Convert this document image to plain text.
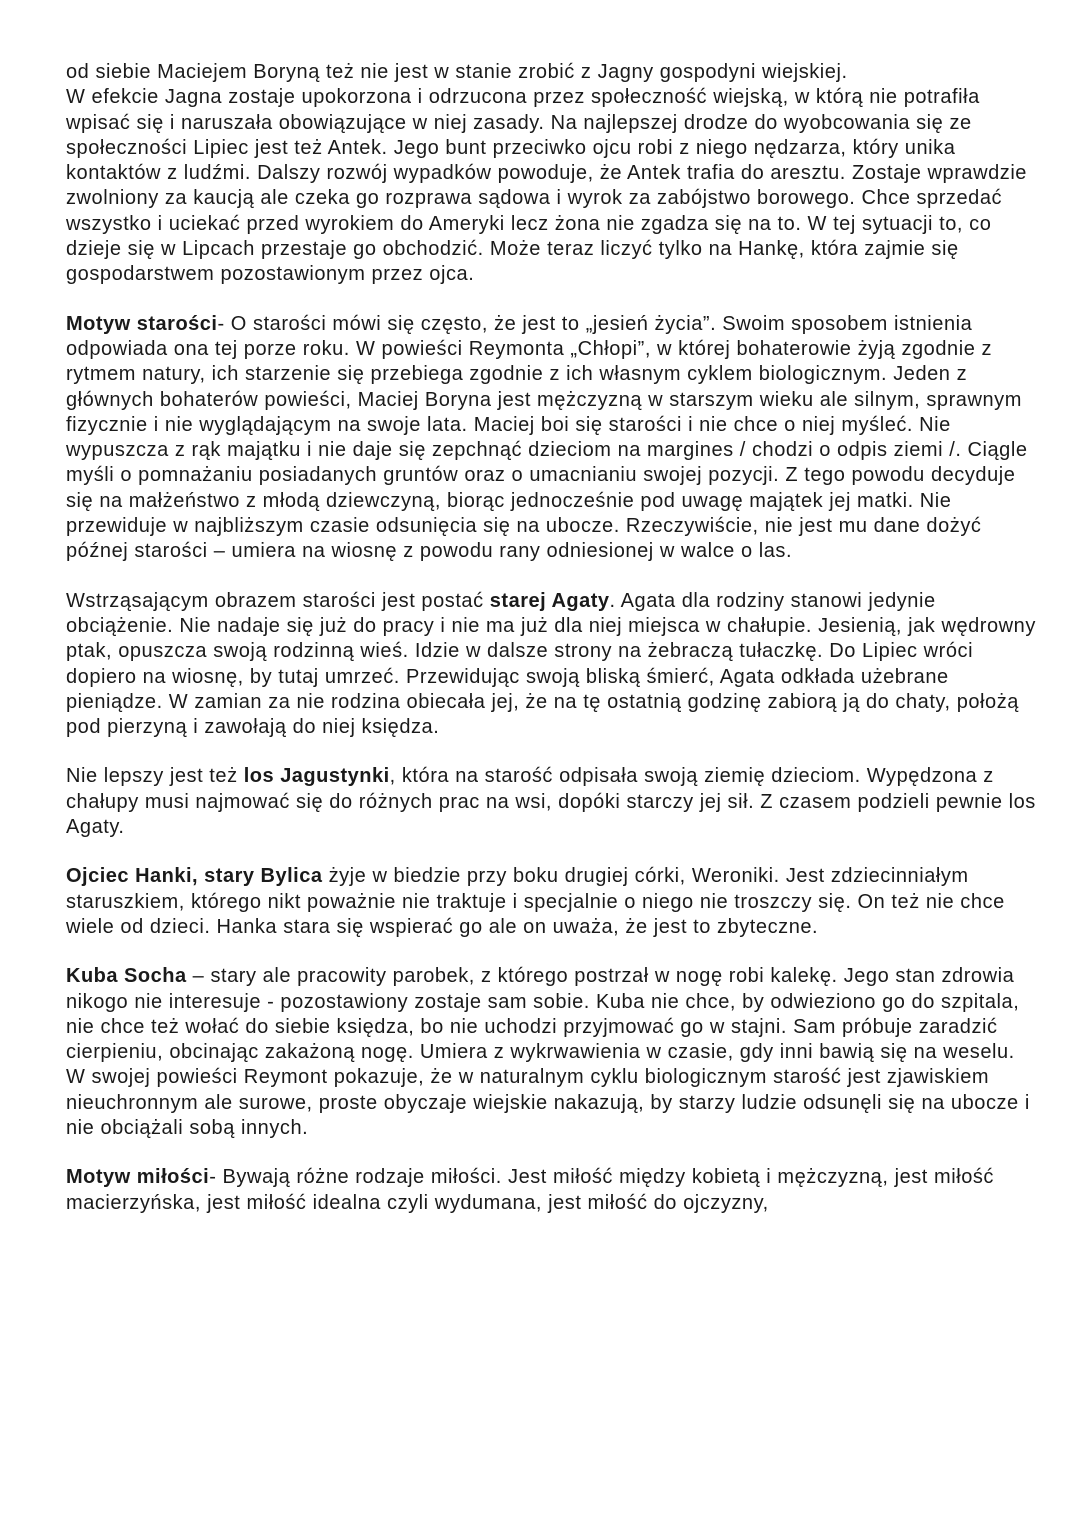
od siebie Maciejem Boryną też nie jest w stanie zrobić z Jagny gospodyni wiejskiej.

W efekcie Jagna zostaje upokorzona i odrzucona przez społeczność wiejską, w którą nie potrafiła wpisać się i naruszała obowiązujące w niej zasady. Na najlepszej drodze do wyobcowania się ze społeczności Lipiec jest też Antek. Jego bunt przeciwko ojcu robi z niego nędzarza, który unika kontaktów z ludźmi. Dalszy rozwój wypadków powoduje, że Antek trafia do aresztu. Zostaje wprawdzie zwolniony za kaucją ale czeka go rozprawa sądowa i wyrok za zabójstwo borowego. Chce sprzedać wszystko i uciekać przed wyrokiem do Ameryki lecz żona nie zgadza się na to. W tej sytuacji to, co dzieje się w Lipcach przestaje go obchodzić. Może teraz liczyć tylko na Hankę, która zajmie się gospodarstwem pozostawionym przez ojca.

Motyw starości- O starości mówi się często, że jest to „jesień życia”. Swoim sposobem istnienia odpowiada ona tej porze roku. W powieści Reymonta „Chłopi”, w której bohaterowie żyją zgodnie z rytmem natury, ich starzenie się przebiega zgodnie z ich własnym cyklem biologicznym. Jeden z głównych bohaterów powieści, Maciej Boryna jest mężczyzną w starszym wieku ale silnym, sprawnym fizycznie i nie wyglądającym na swoje lata. Maciej boi się starości i nie chce o niej myśleć. Nie wypuszcza z rąk majątku i nie daje się zepchnąć dzieciom na margines / chodzi o odpis ziemi /. Ciągle myśli o pomnażaniu posiadanych gruntów oraz o umacnianiu swojej pozycji. Z tego powodu decyduje się na małżeństwo z młodą dziewczyną, biorąc jednocześnie pod uwagę majątek jej matki. Nie przewiduje w najbliższym czasie odsunięcia się na ubocze. Rzeczywiście, nie jest mu dane dożyć późnej starości – umiera na wiosnę z powodu rany odniesionej w walce o las.

Wstrząsającym obrazem starości jest postać starej Agaty. Agata dla rodziny stanowi jedynie obciążenie. Nie nadaje się już do pracy i nie ma już dla niej miejsca w chałupie. Jesienią, jak wędrowny ptak, opuszcza swoją rodzinną wieś. Idzie w dalsze strony na żebraczą tułaczkę. Do Lipiec wróci dopiero na wiosnę, by tutaj umrzeć. Przewidując swoją bliską śmierć, Agata odkłada użebrane pieniądze. W zamian za nie rodzina obiecała jej, że na tę ostatnią godzinę zabiorą ją do chaty, położą pod pierzyną i zawołają do niej księdza.

Nie lepszy jest też los Jagustynki, która na starość odpisała swoją ziemię dzieciom. Wypędzona z chałupy musi najmować się do różnych prac na wsi, dopóki starczy jej sił. Z czasem podzieli pewnie los Agaty.

Ojciec Hanki, stary Bylica żyje w biedzie przy boku drugiej córki, Weroniki. Jest zdziecinniałym staruszkiem, którego nikt poważnie nie traktuje i specjalnie o niego nie troszczy się. On też nie chce wiele od dzieci. Hanka stara się wspierać go ale on uważa, że jest to zbyteczne.

Kuba Socha – stary ale pracowity parobek, z którego postrzał w nogę robi kalekę. Jego stan zdrowia nikogo nie interesuje - pozostawiony zostaje sam sobie. Kuba nie chce, by odwieziono go do szpitala, nie chce też wołać do siebie księdza, bo nie uchodzi przyjmować go w stajni. Sam próbuje zaradzić cierpieniu, obcinając zakażoną nogę. Umiera z wykrwawienia w czasie, gdy inni bawią się na weselu.

W swojej powieści Reymont pokazuje, że w naturalnym cyklu biologicznym starość jest zjawiskiem nieuchronnym ale surowe, proste obyczaje wiejskie nakazują, by starzy ludzie odsunęli się na ubocze i nie obciążali sobą innych.

Motyw miłości- Bywają różne rodzaje miłości. Jest miłość między kobietą i mężczyzną, jest miłość macierzyńska, jest miłość idealna czyli wydumana, jest miłość do ojczyzny,
